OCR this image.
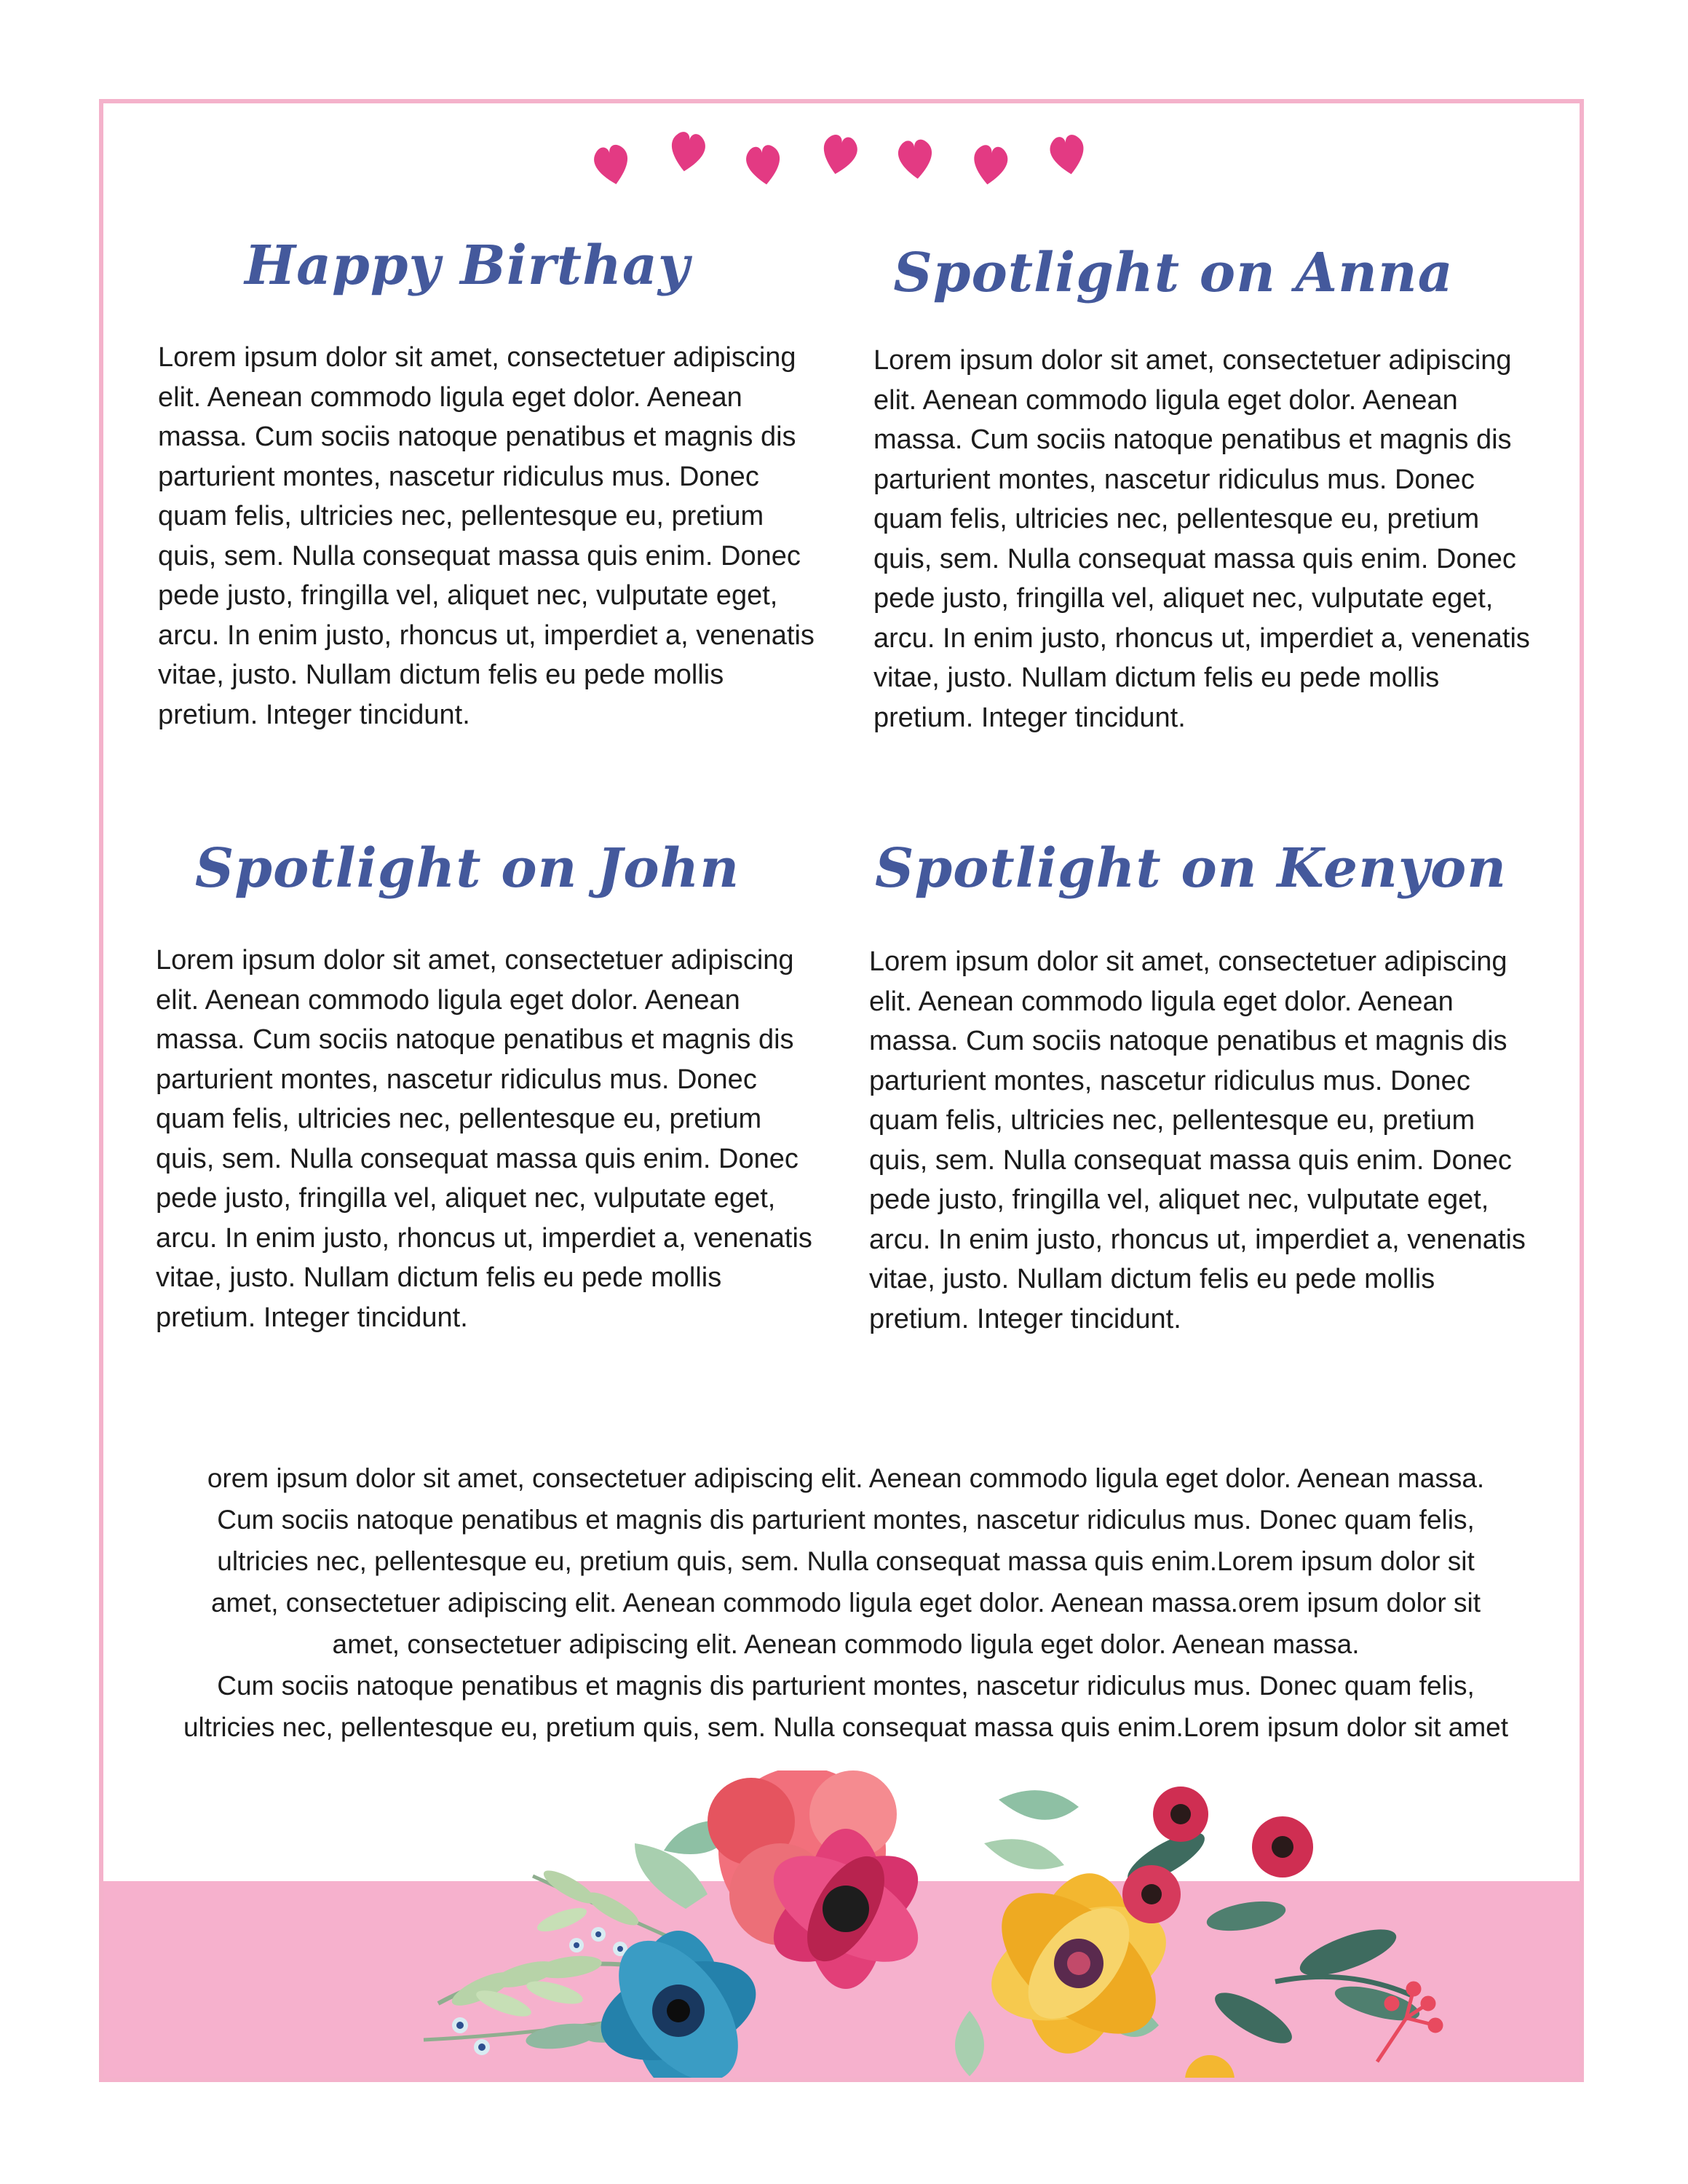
Happy Birthay

Lorem ipsum dolor sit amet, consectetuer adipiscing elit. Aenean commodo ligula eget dolor. Aenean massa. Cum sociis natoque penatibus et magnis dis parturient montes, nascetur ridiculus mus. Donec quam felis, ultricies nec, pellentesque eu, pretium quis, sem. Nulla consequat massa quis enim. Donec pede justo, fringilla vel, aliquet nec, vulputate eget, arcu. In enim justo, rhoncus ut, imperdiet a, venenatis vitae, justo. Nullam dictum felis eu pede mollis pretium. Integer tincidunt.

Spotlight on Anna

Lorem ipsum dolor sit amet, consectetuer adipiscing elit. Aenean commodo ligula eget dolor. Aenean massa. Cum sociis natoque penatibus et magnis dis parturient montes, nascetur ridiculus mus. Donec quam felis, ultricies nec, pellentesque eu, pretium quis, sem. Nulla consequat massa quis enim. Donec pede justo, fringilla vel, aliquet nec, vulputate eget, arcu. In enim justo, rhoncus ut, imperdiet a, venenatis vitae, justo. Nullam dictum felis eu pede mollis pretium. Integer tincidunt.

Spotlight on John

Lorem ipsum dolor sit amet, consectetuer adipiscing elit. Aenean commodo ligula eget dolor. Aenean massa. Cum sociis natoque penatibus et magnis dis parturient montes, nascetur ridiculus mus. Donec quam felis, ultricies nec, pellentesque eu, pretium quis, sem. Nulla consequat massa quis enim. Donec pede justo, fringilla vel, aliquet nec, vulputate eget, arcu. In enim justo, rhoncus ut, imperdiet a, venenatis vitae, justo. Nullam dictum felis eu pede mollis pretium. Integer tincidunt.

Spotlight on Kenyon

Lorem ipsum dolor sit amet, consectetuer adipiscing elit. Aenean commodo ligula eget dolor. Aenean massa. Cum sociis natoque penatibus et magnis dis parturient montes, nascetur ridiculus mus. Donec quam felis, ultricies nec, pellentesque eu, pretium quis, sem. Nulla consequat massa quis enim. Donec pede justo, fringilla vel, aliquet nec, vulputate eget, arcu. In enim justo, rhoncus ut, imperdiet a, venenatis vitae, justo. Nullam dictum felis eu pede mollis pretium. Integer tincidunt.

orem ipsum dolor sit amet, consectetuer adipiscing elit. Aenean commodo ligula eget dolor. Aenean massa.
Cum sociis natoque penatibus et magnis dis parturient montes, nascetur ridiculus mus. Donec quam felis,
ultricies nec, pellentesque eu, pretium quis, sem. Nulla consequat massa quis enim.Lorem ipsum dolor sit
amet, consectetuer adipiscing elit. Aenean commodo ligula eget dolor. Aenean massa.orem ipsum dolor sit
amet, consectetuer adipiscing elit. Aenean commodo ligula eget dolor. Aenean massa.
Cum sociis natoque penatibus et magnis dis parturient montes, nascetur ridiculus mus. Donec quam felis,
ultricies nec, pellentesque eu, pretium quis, sem. Nulla consequat massa quis enim.Lorem ipsum dolor sit amet
